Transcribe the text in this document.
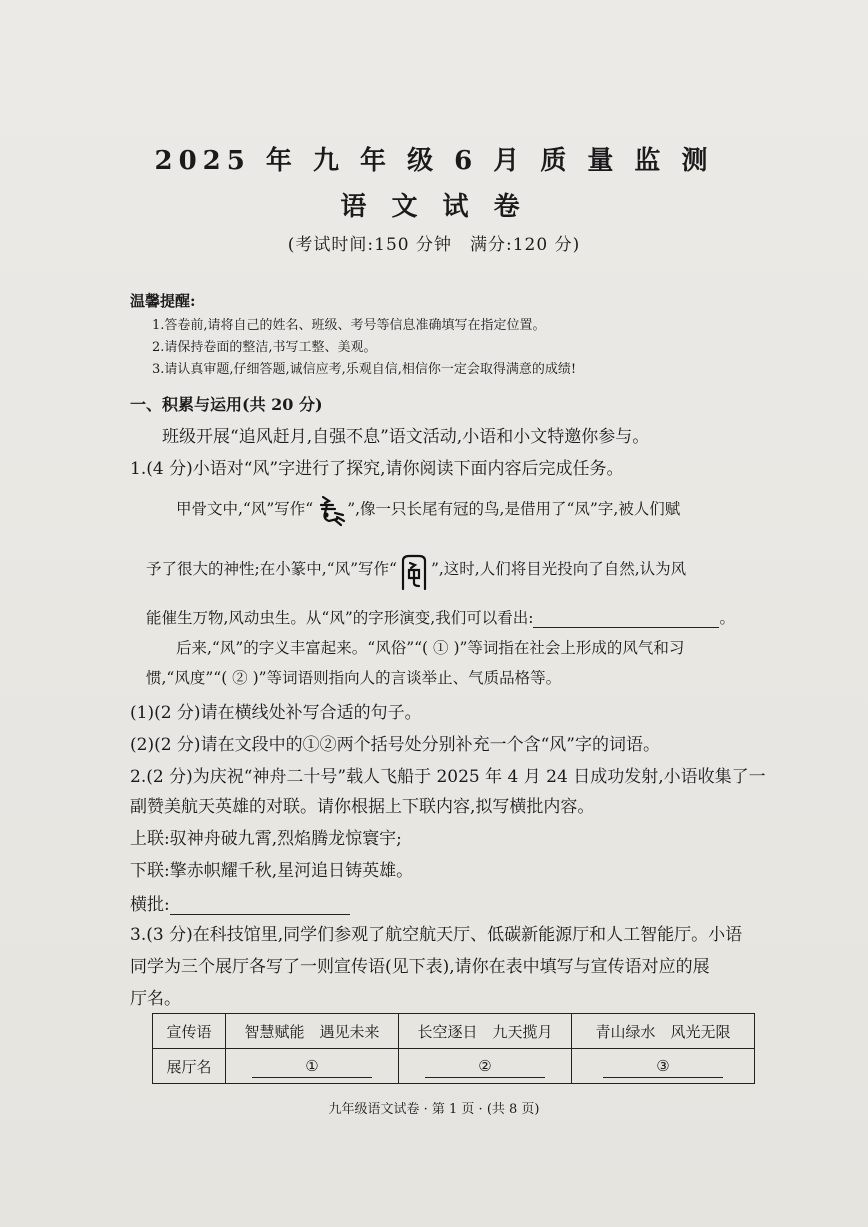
2025 年 九 年 级 6 月 质 量 监 测
语 文 试 卷
(考试时间:150 分钟　满分:120 分)
温馨提醒:
1.答卷前,请将自己的姓名、班级、考号等信息准确填写在指定位置。
2.请保持卷面的整洁,书写工整、美观。
3.请认真审题,仔细答题,诚信应考,乐观自信,相信你一定会取得满意的成绩!
一、积累与运用(共 20 分)
班级开展“追风赶月,自强不息”语文活动,小语和小文特邀你参与。
1.(4 分)小语对“风”字进行了探究,请你阅读下面内容后完成任务。
甲骨文中,“风”写作“ ”,像一只长尾有冠的鸟,是借用了“凤”字,被人们赋
予了很大的神性;在小篆中,“风”写作“ ”,这时,人们将目光投向了自然,认为风
能催生万物,风动虫生。从“风”的字形演变,我们可以看出:	。
后来,“风”的字义丰富起来。“风俗”“( ① )”等词指在社会上形成的风气和习
惯,“风度”“( ② )”等词语则指向人的言谈举止、气质品格等。
(1)(2 分)请在横线处补写合适的句子。
(2)(2 分)请在文段中的①②两个括号处分别补充一个含“风”字的词语。
2.(2 分)为庆祝“神舟二十号”载人飞船于 2025 年 4 月 24 日成功发射,小语收集了一
副赞美航天英雄的对联。请你根据上下联内容,拟写横批内容。
上联:驭神舟破九霄,烈焰腾龙惊寰宇;
下联:擎赤帜耀千秋,星河追日铸英雄。
横批:
3.(3 分)在科技馆里,同学们参观了航空航天厅、低碳新能源厅和人工智能厅。小语
同学为三个展厅各写了一则宣传语(见下表),请你在表中填写与宣传语对应的展
厅名。
宣传语	智慧赋能　遇见未来	长空逐日　九天揽月	青山绿水　风光无限
展厅名	①	②	③
九年级语文试卷 · 第 1 页 · (共 8 页)
